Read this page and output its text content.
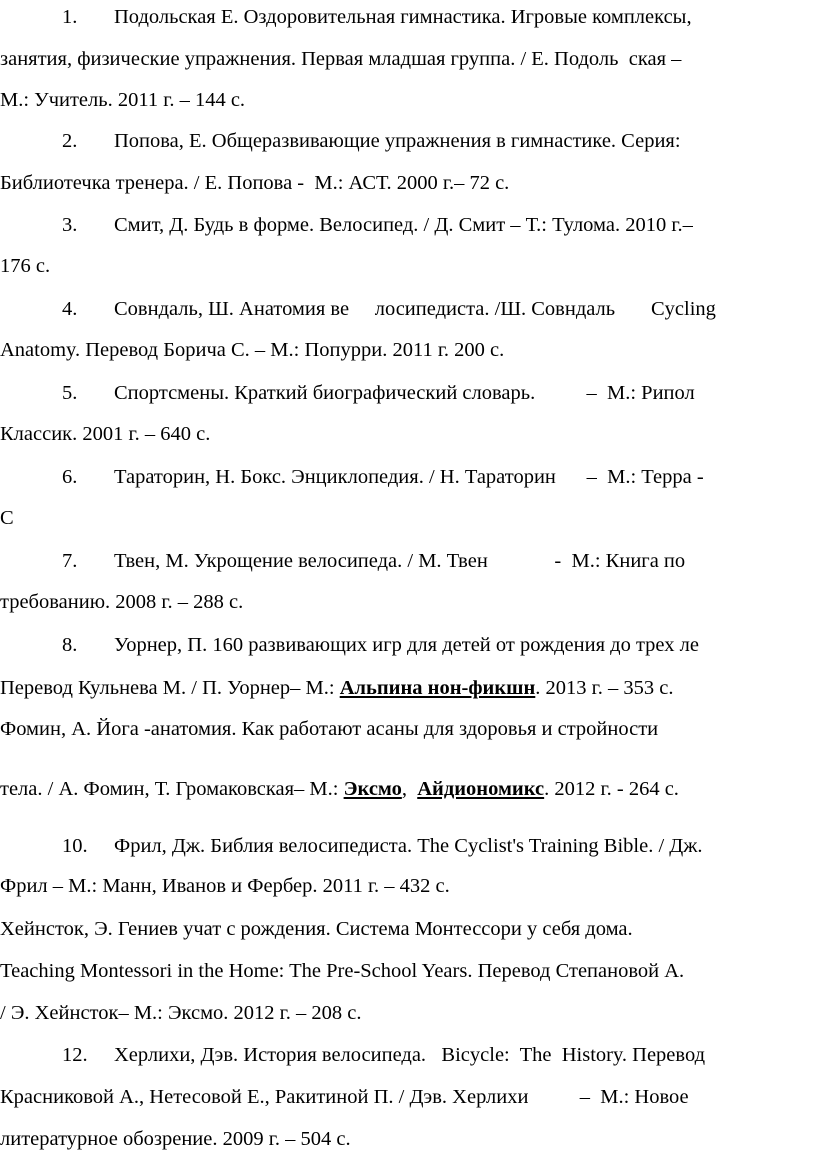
1. Подольская Е. Оздоровительная гимнастика. Игровые комплексы,
занятия, физические упражнения. Первая младшая группа. / Е. Подоль  ская –
М.: Учитель. 2011 г. – 144 с.
2. Попова, Е. Общеразвивающие упражнения в гимнастике. Серия:
Библиотечка тренера. / Е. Попова -  М.: АСТ. 2000 г.– 72 с.
3. Смит, Д. Будь в форме. Велосипед. / Д. Смит – Т.: Тулома. 2010 г.–
176 с.
4. Совндаль, Ш. Анатомия ве     лосипедиста. /Ш. Совндаль       Cycling
Anatomy. Перевод Борича С. – М.: Попурри. 2011 г. 200 с.
5. Спортсмены. Краткий биографический словарь.          –  М.: Рипол
Классик. 2001 г. – 640 с.
6. Тараторин, Н. Бокс. Энциклопедия. / Н. Тараторин      –  М.: Терра -
С
7. Твен, М. Укрощение велосипеда. / М. Твен             -  М.: Книга по
требованию. 2008 г. – 288 с.
8. Уорнер, П. 160 развивающих игр для детей от рождения до трех ле
Перевод Кульнева М. / П. Уорнер– М.: Альпина нон-фикшн. 2013 г. – 353 с.
Фомин, А. Йога -анатомия. Как работают асаны для здоровья и стройности
тела. / А. Фомин, Т. Громаковская– М.: Эксмо,  Айдиономикс. 2012 г. - 264 с.
10. Фрил, Дж. Библия велосипедиста. The Cyclist's Training Bible. / Дж.
Фрил – М.: Манн, Иванов и Фербер. 2011 г. – 432 с.
Хейнсток, Э. Гениев учат с рождения. Система Монтессори у себя дома.
Teaching Montessori in the Home: The Pre-School Years. Перевод Степановой А.
/ Э. Хейнсток– М.: Эксмо. 2012 г. – 208 с.
12. Херлихи, Дэв. История велосипеда.   Bicycle:  The  History. Перевод
Красниковой А., Нетесовой Е., Ракитиной П. / Дэв. Херлихи          –  М.: Новое
литературное обозрение. 2009 г. – 504 с.
